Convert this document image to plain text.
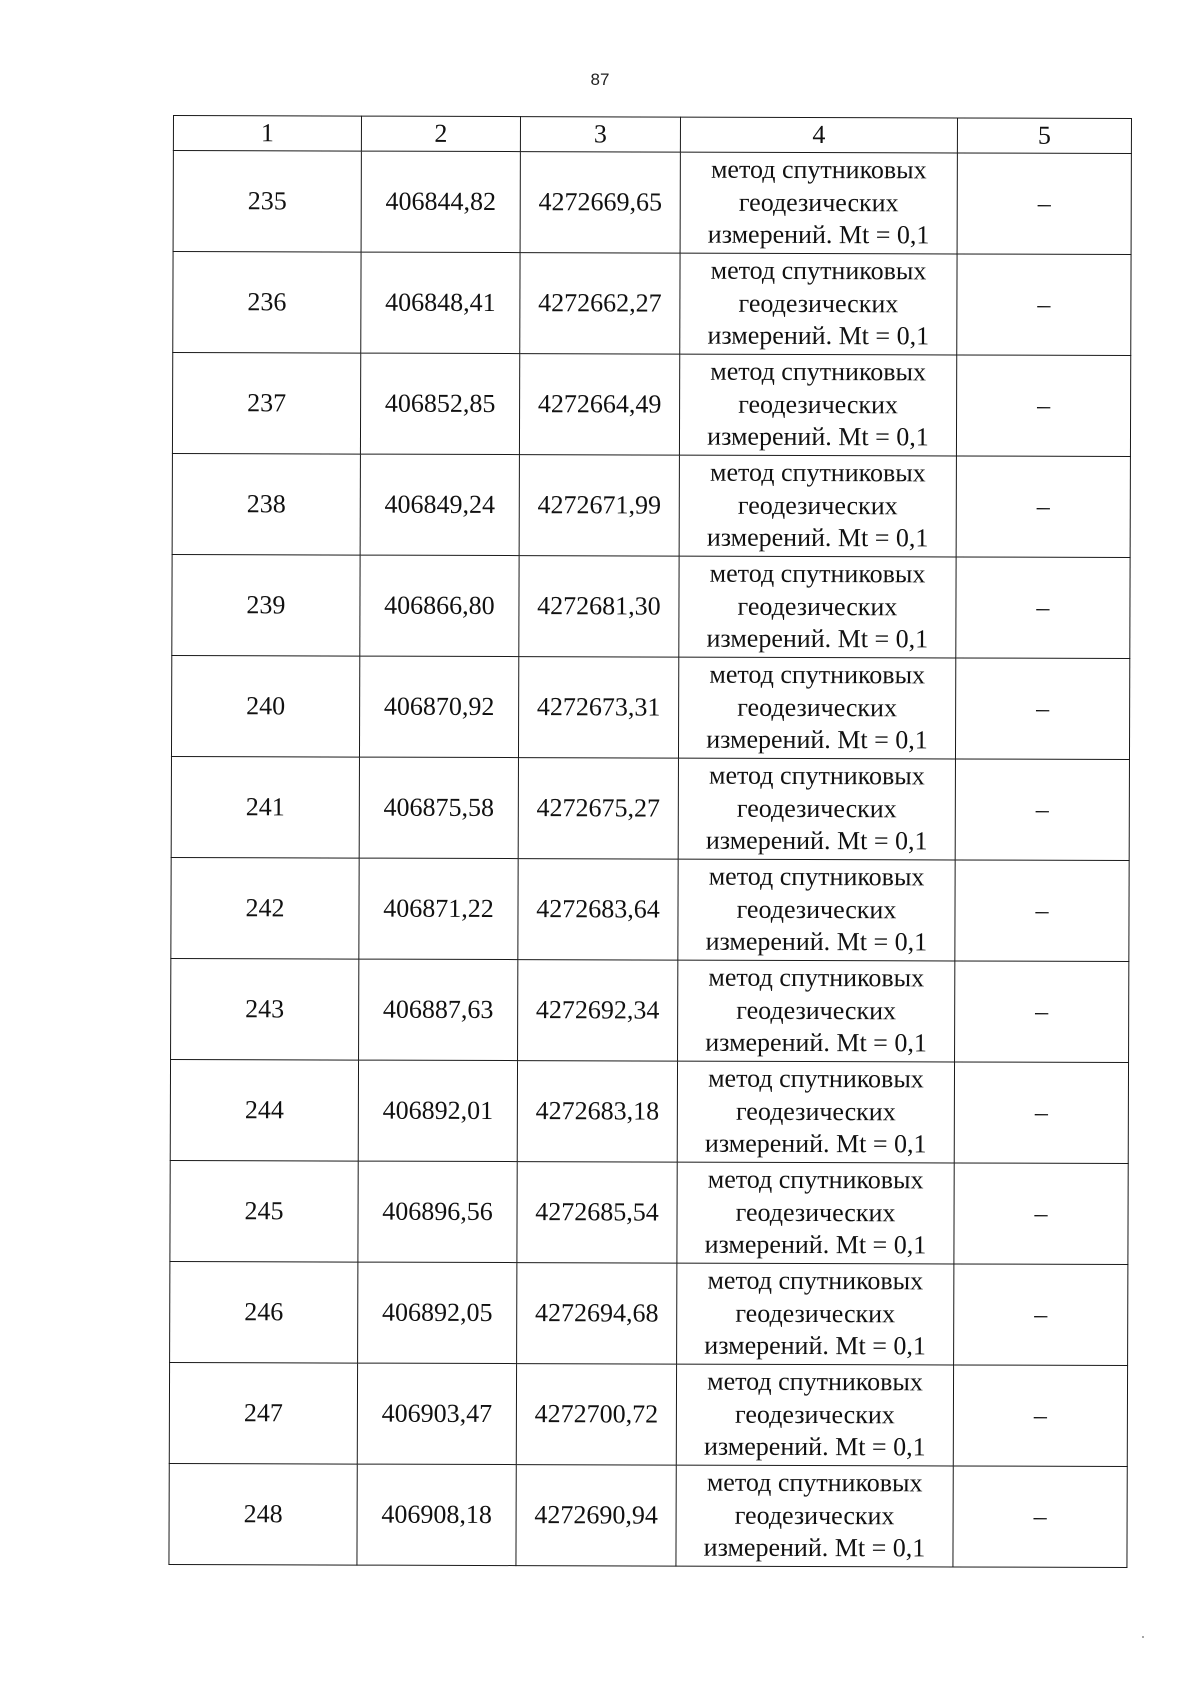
87
1	2	3	4	5
235	406844,82	4272669,65	метод спутниковых
геодезических
измерений. Mt = 0,1	–
236	406848,41	4272662,27	метод спутниковых
геодезических
измерений. Mt = 0,1	–
237	406852,85	4272664,49	метод спутниковых
геодезических
измерений. Mt = 0,1	–
238	406849,24	4272671,99	метод спутниковых
геодезических
измерений. Mt = 0,1	–
239	406866,80	4272681,30	метод спутниковых
геодезических
измерений. Mt = 0,1	–
240	406870,92	4272673,31	метод спутниковых
геодезических
измерений. Mt = 0,1	–
241	406875,58	4272675,27	метод спутниковых
геодезических
измерений. Mt = 0,1	–
242	406871,22	4272683,64	метод спутниковых
геодезических
измерений. Mt = 0,1	–
243	406887,63	4272692,34	метод спутниковых
геодезических
измерений. Mt = 0,1	–
244	406892,01	4272683,18	метод спутниковых
геодезических
измерений. Mt = 0,1	–
245	406896,56	4272685,54	метод спутниковых
геодезических
измерений. Mt = 0,1	–
246	406892,05	4272694,68	метод спутниковых
геодезических
измерений. Mt = 0,1	–
247	406903,47	4272700,72	метод спутниковых
геодезических
измерений. Mt = 0,1	–
248	406908,18	4272690,94	метод спутниковых
геодезических
измерений. Mt = 0,1	–
